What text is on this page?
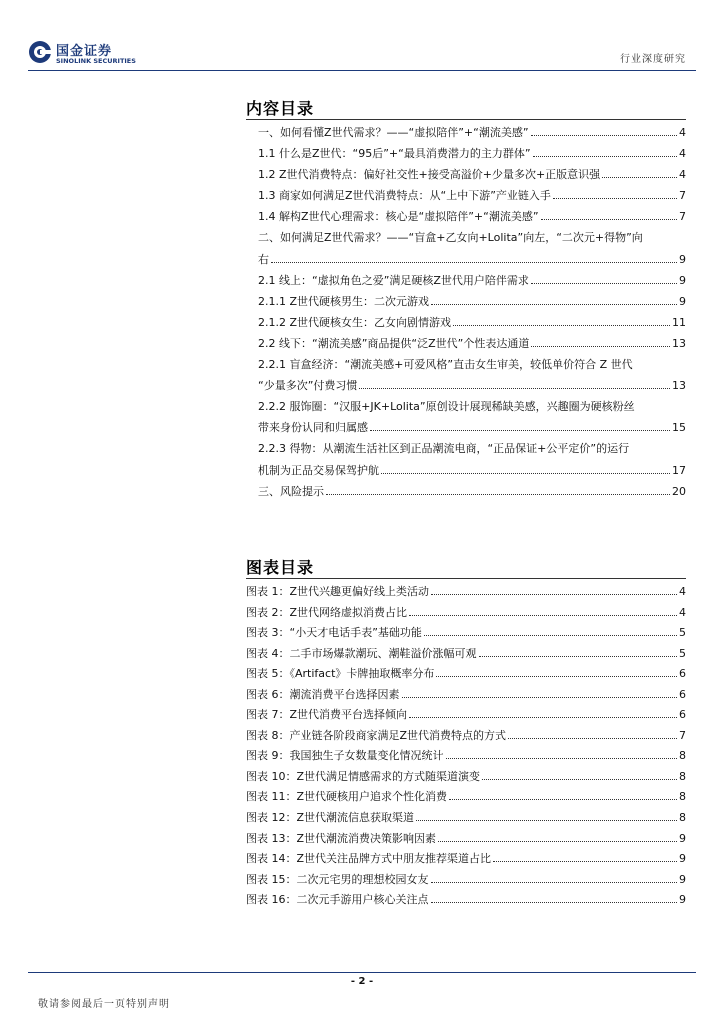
国金证券
SINOLINK SECURITIES	行业深度研究
内容目录
一、如何看懂Z世代需求？——“虚拟陪伴”+“潮流美感”	4
1.1 什么是Z世代：“95后”+“最具消费潜力的主力群体”	4
1.2 Z世代消费特点：偏好社交性+接受高溢价+少量多次+正版意识强	4
1.3 商家如何满足Z世代消费特点：从“上中下游”产业链入手	7
1.4 解构Z世代心理需求：核心是“虚拟陪伴”+“潮流美感”	7
二、如何满足Z世代需求？——“盲盒+乙女向+Lolita”向左，“二次元+得物”向
右	9
2.1 线上：“虚拟角色之爱”满足硬核Z世代用户陪伴需求	9
2.1.1 Z世代硬核男生：二次元游戏	9
2.1.2 Z世代硬核女生：乙女向剧情游戏	11
2.2 线下：“潮流美感”商品提供“泛Z世代”个性表达通道	13
2.2.1 盲盒经济：“潮流美感+可爱风格”直击女生审美，较低单价符合 Z 世代
“少量多次”付费习惯	13
2.2.2 服饰圈：“汉服+JK+Lolita”原创设计展现稀缺美感，兴趣圈为硬核粉丝
带来身份认同和归属感	15
2.2.3 得物：从潮流生活社区到正品潮流电商，“正品保证+公平定价”的运行
机制为正品交易保驾护航	17
三、风险提示	20
图表目录
图表 1：Z世代兴趣更偏好线上类活动	4
图表 2：Z世代网络虚拟消费占比	4
图表 3：“小天才电话手表”基础功能	5
图表 4：二手市场爆款潮玩、潮鞋溢价涨幅可观	5
图表 5：《Artifact》卡牌抽取概率分布	6
图表 6：潮流消费平台选择因素	6
图表 7：Z世代消费平台选择倾向	6
图表 8：产业链各阶段商家满足Z世代消费特点的方式	7
图表 9：我国独生子女数量变化情况统计	8
图表 10：Z世代满足情感需求的方式随渠道演变	8
图表 11：Z世代硬核用户追求个性化消费	8
图表 12：Z世代潮流信息获取渠道	8
图表 13：Z世代潮流消费决策影响因素	9
图表 14：Z世代关注品牌方式中朋友推荐渠道占比	9
图表 15：二次元宅男的理想校园女友	9
图表 16：二次元手游用户核心关注点	9
- 2 -
敬请参阅最后一页特别声明
